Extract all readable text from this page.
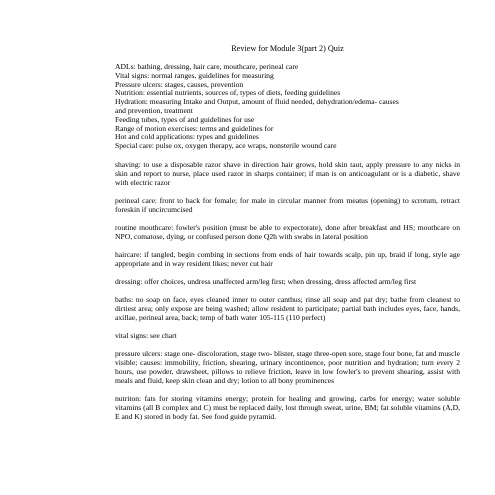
Review for Module 3(part 2) Quiz
ADLs: bathing, dressing, hair care, mouthcare, perineal care
Vital signs: normal ranges, guidelines for measuring
Pressure ulcers: stages, causes, prevention
Nutrition: essential nutrients, sources of, types of diets, feeding guidelines
Hydration: measuring Intake and Output, amount of fluid needed, dehydration/edema- causes
and prevention, treatment
Feeding tubes, types of and guidelines for use
Range of motion exercises: terms and guidelines for
Hot and cold applications: types and guidelines
Special care: pulse ox, oxygen therapy, ace wraps, nonsterile wound care

shaving: to use a disposable razor shave in direction hair grows, hold skin taut, apply pressure to any nicks in skin and report to nurse, place used razor in sharps container; if man is on anticoagulant or is a diabetic, shave with electric razor

perineal care: front to back for female; for male in circular manner from meatus (opening) to scrotum, retract foreskin if uncircumcised

routine mouthcare: fowler's position (must be able to expectorate), done after breakfast and HS; mouthcare on NPO, comatose, dying, or confused person done Q2h with swabs in lateral position

haircare: if tangled, begin combing in sections from ends of hair towards scalp, pin up, braid if long, style age appropriate and in way resident likes; never cut hair

dressing: offer choices, undress unaffected arm/leg first; when dressing, dress affected arm/leg first

baths: no soap on face, eyes cleaned inner to outer canthus; rinse all soap and pat dry; bathe from cleanest to dirtiest area; only expose are being washed; allow resident to participate; partial bath includes eyes, face, hands, axillae, perineal area, back; temp of bath water 105-115 (110 perfect)

vital signs: see chart

pressure ulcers: stage one- discoloration, stage two- blister, stage three-open sore, stage four bone, fat and muscle visible; causes: immobility, friction, shearing, urinary incontinence, poor nutrition and hydration; turn every 2 hours, use powder, drawsheet, pillows to relieve friction, leave in low fowler's to prevent shearing, assist with meals and fluid, keep skin clean and dry; lotion to all bony prominences

nutriton: fats for storing vitamins energy; protein for healing and growing, carbs for energy; water soluble vitamins (all B complex and C) must be replaced daily, lost through sweat, urine, BM; fat soluble vitamins (A,D, E and K) stored in body fat. See food guide pyramid.
